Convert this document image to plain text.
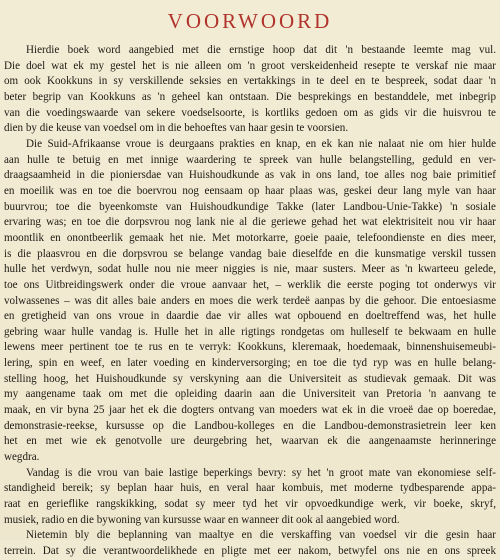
VOORWOORD

Hierdie boek word aangebied met die ernstige hoop dat dit 'n bestaande leemte mag vul.
Die doel wat ek my gestel het is nie alleen om 'n groot verskeidenheid resepte te verskaf nie maar
om ook Kookkuns in sy verskillende seksies en vertakkings in te deel en te bespreek, sodat daar 'n
beter begrip van Kookkuns as 'n geheel kan ontstaan. Die besprekings en bestanddele, met inbegrip
van die voedingswaarde van sekere voedselsoorte, is kortliks gedoen om as gids vir die huisvrou te
dien by die keuse van voedsel om in die behoeftes van haar gesin te voorsien.

Die Suid-Afrikaanse vroue is deurgaans prakties en knap, en ek kan nie nalaat nie om hier hulde
aan hulle te betuig en met innige waardering te spreek van hulle belangstelling, geduld en ver-
draagsaamheid in die pioniersdae van Huishoudkunde as vak in ons land, toe alles nog baie primitief
en moeilik was en toe die boervrou nog eensaam op haar plaas was, geskei deur lang myle van haar
buurvrou; toe die byeenkomste van Huishoudkundige Takke (later Landbou-Unie-Takke) 'n sosiale
ervaring was; en toe die dorpsvrou nog lank nie al die geriewe gehad het wat elektrisiteit nou vir haar
moontlik en onontbeerlik gemaak het nie. Met motorkarre, goeie paaie, telefoondienste en dies meer,
is die plaasvrou en die dorpsvrou se belange vandag baie dieselfde en die kunsmatige verskil tussen
hulle het verdwyn, sodat hulle nou nie meer niggies is nie, maar susters. Meer as 'n kwarteeu gelede,
toe ons Uitbreidingswerk onder die vroue aanvaar het, – werklik die eerste poging tot onderwys vir
volwassenes – was dit alles baie anders en moes die werk terdeë aanpas by die gehoor. Die entoesiasme
en gretigheid van ons vroue in daardie dae vir alles wat opbouend en doeltreffend was, het hulle
gebring waar hulle vandag is. Hulle het in alle rigtings rondgetas om hulleself te bekwaam en hulle
lewens meer pertinent toe te rus en te verryk: Kookkuns, kleremaak, hoedemaak, binnenshuisemeubi-
lering, spin en weef, en later voeding en kinderversorging; en toe die tyd ryp was en hulle belang-
stelling hoog, het Huishoudkunde sy verskyning aan die Universiteit as studievak gemaak. Dit was
my aangename taak om met die opleiding daarin aan die Universiteit van Pretoria 'n aanvang te
maak, en vir byna 25 jaar het ek die dogters ontvang van moeders wat ek in die vroeë dae op boeredae,
demonstrasie-reekse, kursusse op die Landbou-kolleges en die Landbou-demonstrasietrein leer ken
het en met wie ek genotvolle ure deurgebring het, waarvan ek die aangenaamste herinneringe
wegdra.

Vandag is die vrou van baie lastige beperkings bevry: sy het 'n groot mate van ekonomiese self-
standigheid bereik; sy beplan haar huis, en veral haar kombuis, met moderne tydbesparende appa-
raat en gerieflike rangskikking, sodat sy meer tyd het vir opvoedkundige werk, vir boeke, skryf,
musiek, radio en die bywoning van kursusse waar en wanneer dit ook al aangebied word.

Nietemin bly die beplanning van maaltye en die verskaffing van voedsel vir die gesin haar
terrein. Dat sy die verantwoordelikhede en pligte met eer nakom, betwyfel ons nie en ons spreek
